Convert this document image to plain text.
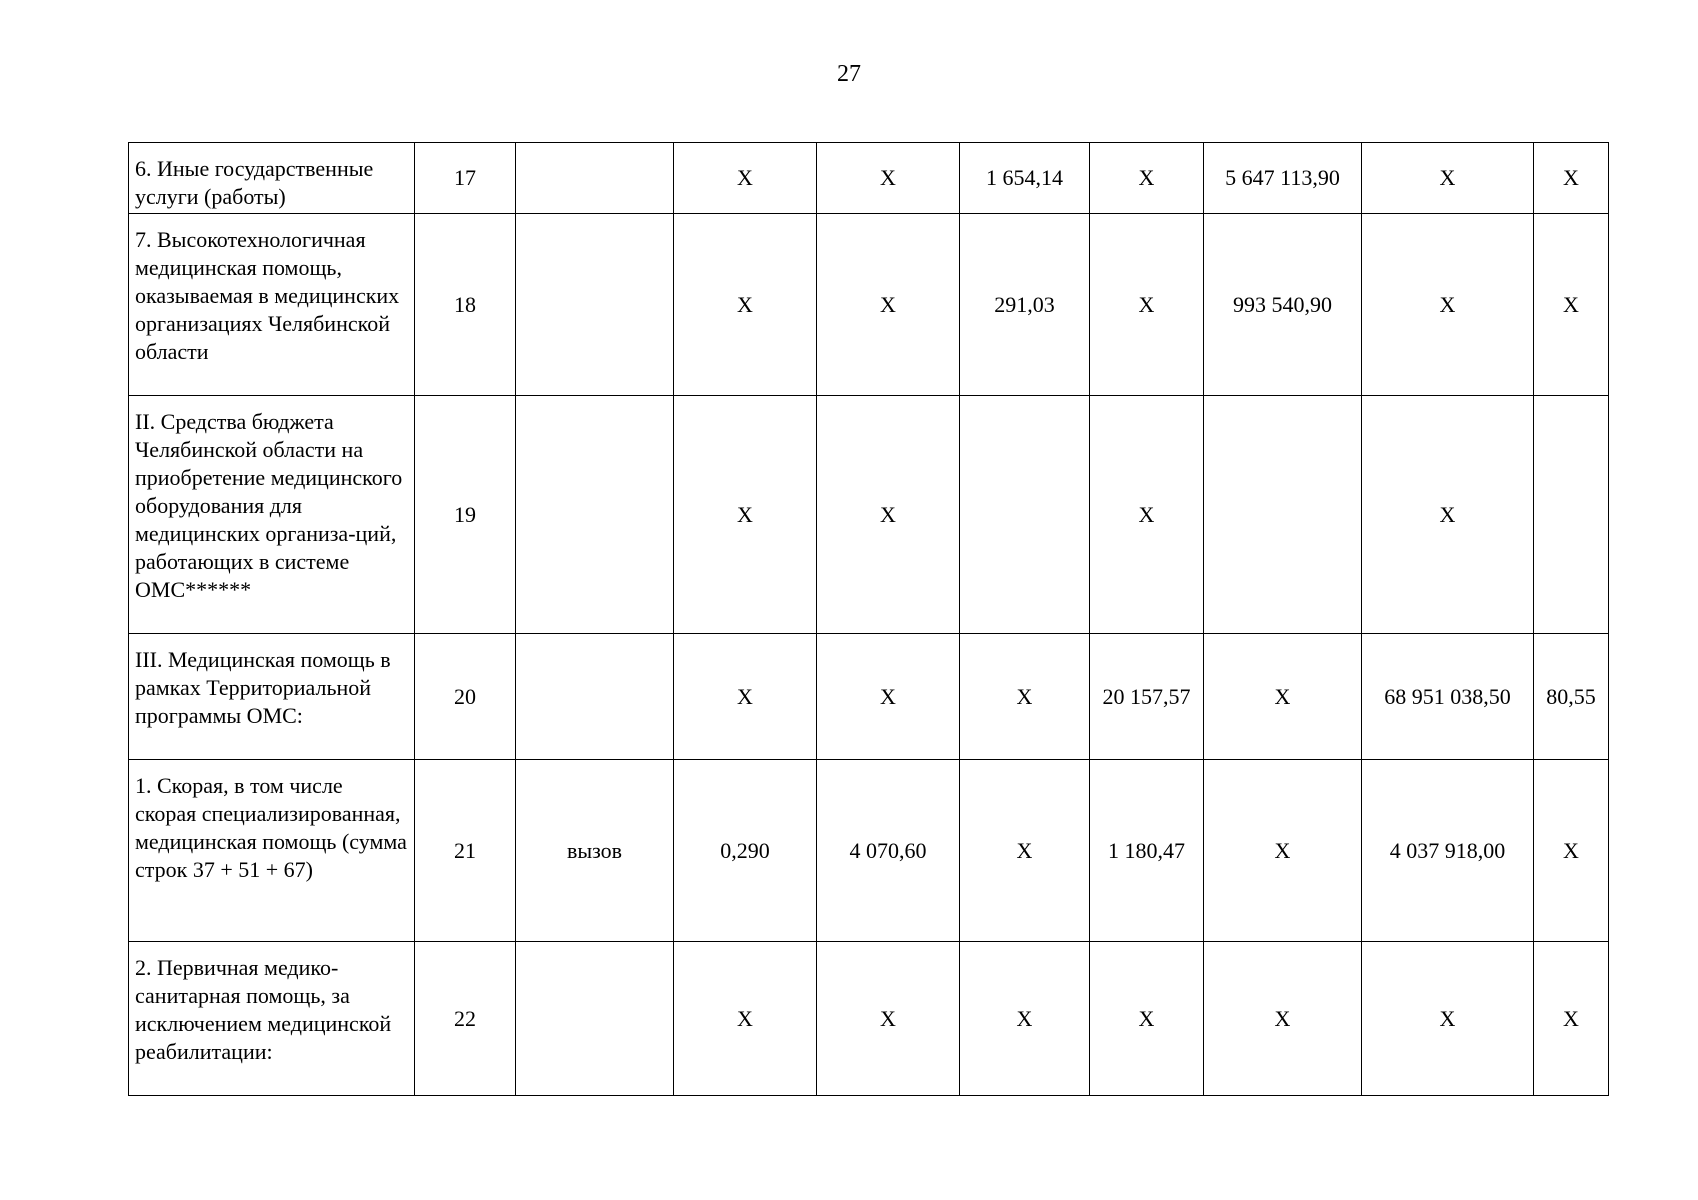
27
6. Иные государственные услуги (работы)	17		Х	Х	1 654,14	Х	5 647 113,90	Х	Х
7. Высокотехнологичная медицинская помощь, оказываемая в медицинских организациях Челябинской области	18		Х	Х	291,03	Х	993 540,90	Х	Х
II. Средства бюджета Челябинской области на приобретение медицинского оборудования для медицинских организа-ций, работающих в системе ОМС******	19		Х	Х		Х		Х	
III. Медицинская помощь в рамках Территориальной программы ОМС:	20		Х	Х	Х	20 157,57	Х	68 951 038,50	80,55
1. Скорая, в том числе скорая специализированная, медицинская помощь (сумма строк 37 + 51 + 67)	21	вызов	0,290	4 070,60	Х	1 180,47	Х	4 037 918,00	Х
2. Первичная медико-санитарная помощь, за исключением медицинской реабилитации:	22		Х	Х	Х	Х	Х	Х	Х
